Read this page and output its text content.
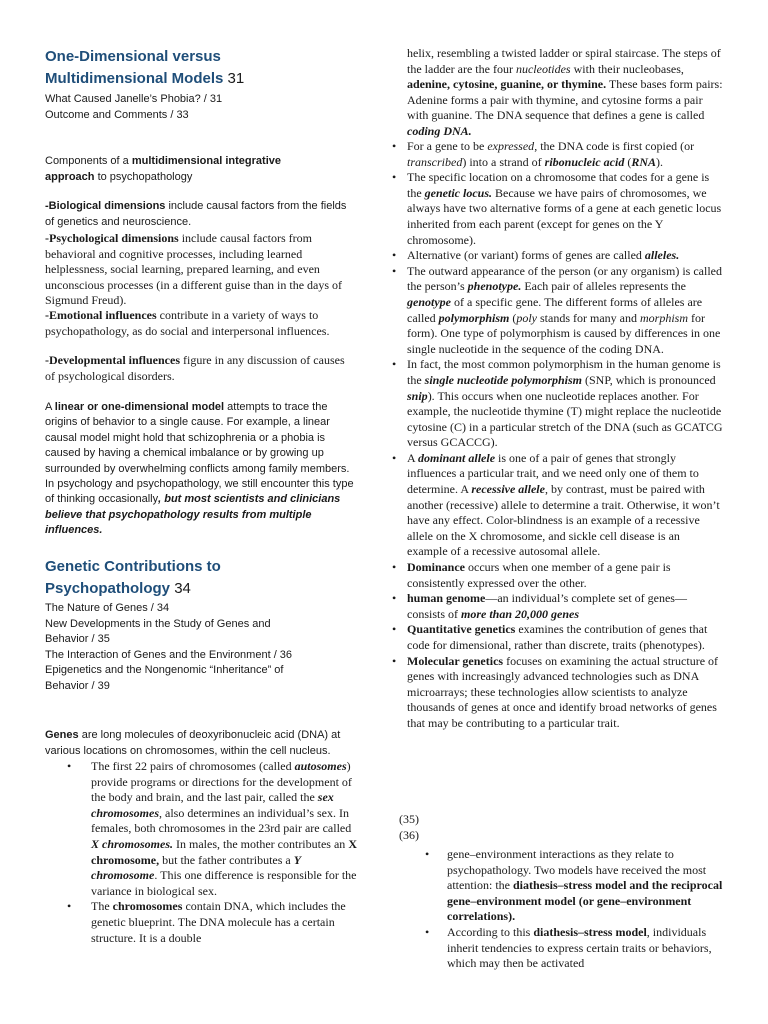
One-Dimensional versus Multidimensional Models 31
What Caused Janelle’s Phobia? / 31
Outcome and Comments / 33

Components of a multidimensional integrative approach to psychopathology

-Biological dimensions include causal factors from the fields of genetics and neuroscience.

-Psychological dimensions include causal factors from behavioral and cognitive processes, including learned helplessness, social learning, prepared learning, and even unconscious processes (in a different guise than in the days of Sigmund Freud).

-Emotional influences contribute in a variety of ways to psychopathology, as do social and interpersonal influences.

-Developmental influences figure in any discussion of causes of psychological disorders.

A linear or one-dimensional model attempts to trace the origins of behavior to a single cause. For example, a linear causal model might hold that schizophrenia or a phobia is caused by having a chemical imbalance or by growing up surrounded by overwhelming conflicts among family members. In psychology and psychopathology, we still encounter this type of thinking occasionally, but most scientists and clinicians believe that psychopathology results from multiple influences.

Genetic Contributions to Psychopathology 34
The Nature of Genes / 34
New Developments in the Study of Genes and Behavior / 35
The Interaction of Genes and the Environment / 36
Epigenetics and the Nongenomic “Inheritance” of Behavior / 39

Genes are long molecules of deoxyribonucleic acid (DNA) at various locations on chromosomes, within the cell nucleus.

• The first 22 pairs of chromosomes (called autosomes) provide programs or directions for the development of the body and brain, and the last pair, called the sex chromosomes, also determines an individual’s sex. In females, both chromosomes in the 23rd pair are called X chromosomes. In males, the mother contributes an X chromosome, but the father contributes a Y chromosome. This one difference is responsible for the variance in biological sex.
• The chromosomes contain DNA, which includes the genetic blueprint. The DNA molecule has a certain structure. It is a double

helix, resembling a twisted ladder or spiral staircase. The steps of the ladder are the four nucleotides with their nucleobases, adenine, cytosine, guanine, or thymine. These bases form pairs: Adenine forms a pair with thymine, and cytosine forms a pair with guanine. The DNA sequence that defines a gene is called coding DNA.

• For a gene to be expressed, the DNA code is first copied (or transcribed) into a strand of ribonucleic acid (RNA).
• The specific location on a chromosome that codes for a gene is the genetic locus. Because we have pairs of chromosomes, we always have two alternative forms of a gene at each genetic locus inherited from each parent (except for genes on the Y chromosome).
• Alternative (or variant) forms of genes are called alleles.
• The outward appearance of the person (or any organism) is called the person’s phenotype. Each pair of alleles represents the genotype of a specific gene. The different forms of alleles are called polymorphism (poly stands for many and morphism for form). One type of polymorphism is caused by differences in one single nucleotide in the sequence of the coding DNA.
• In fact, the most common polymorphism in the human genome is the single nucleotide polymorphism (SNP, which is pronounced snip). This occurs when one nucleotide replaces another. For example, the nucleotide thymine (T) might replace the nucleotide cytosine (C) in a particular stretch of the DNA (such as GCATCG versus GCACCG).
• A dominant allele is one of a pair of genes that strongly influences a particular trait, and we need only one of them to determine. A recessive allele, by contrast, must be paired with another (recessive) allele to determine a trait. Otherwise, it won’t have any effect. Color-blindness is an example of a recessive allele on the X chromosome, and sickle cell disease is an example of a recessive autosomal allele.
• Dominance occurs when one member of a gene pair is consistently expressed over the other.
• human genome—an individual’s complete set of genes—consists of more than 20,000 genes
• Quantitative genetics examines the contribution of genes that code for dimensional, rather than discrete, traits (phenotypes).
• Molecular genetics focuses on examining the actual structure of genes with increasingly advanced technologies such as DNA microarrays; these technologies allow scientists to analyze thousands of genes at once and identify broad networks of genes that may be contributing to a particular trait.
(35)
(36)
• gene–environment interactions as they relate to psychopathology. Two models have received the most attention: the diathesis–stress model and the reciprocal gene–environment model (or gene–environment correlations).
• According to this diathesis–stress model, individuals inherit tendencies to express certain traits or behaviors, which may then be activated
